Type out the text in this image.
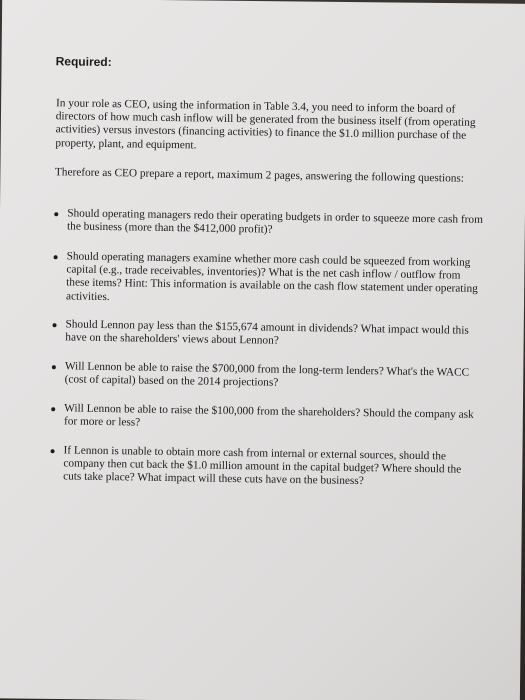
Required:

In your role as CEO, using the information in Table 3.4, you need to inform the board of directors of how much cash inflow will be generated from the business itself (from operating activities) versus investors (financing activities) to finance the $1.0 million purchase of the property, plant, and equipment.

Therefore as CEO prepare a report, maximum 2 pages, answering the following questions:

Should operating managers redo their operating budgets in order to squeeze more cash from the business (more than the $412,000 profit)?
Should operating managers examine whether more cash could be squeezed from working capital (e.g., trade receivables, inventories)? What is the net cash inflow / outflow from these items? Hint: This information is available on the cash flow statement under operating activities.
Should Lennon pay less than the $155,674 amount in dividends? What impact would this have on the shareholders' views about Lennon?
Will Lennon be able to raise the $700,000 from the long-term lenders? What's the WACC (cost of capital) based on the 2014 projections?
Will Lennon be able to raise the $100,000 from the shareholders? Should the company ask for more or less?
If Lennon is unable to obtain more cash from internal or external sources, should the company then cut back the $1.0 million amount in the capital budget? Where should the cuts take place? What impact will these cuts have on the business?
